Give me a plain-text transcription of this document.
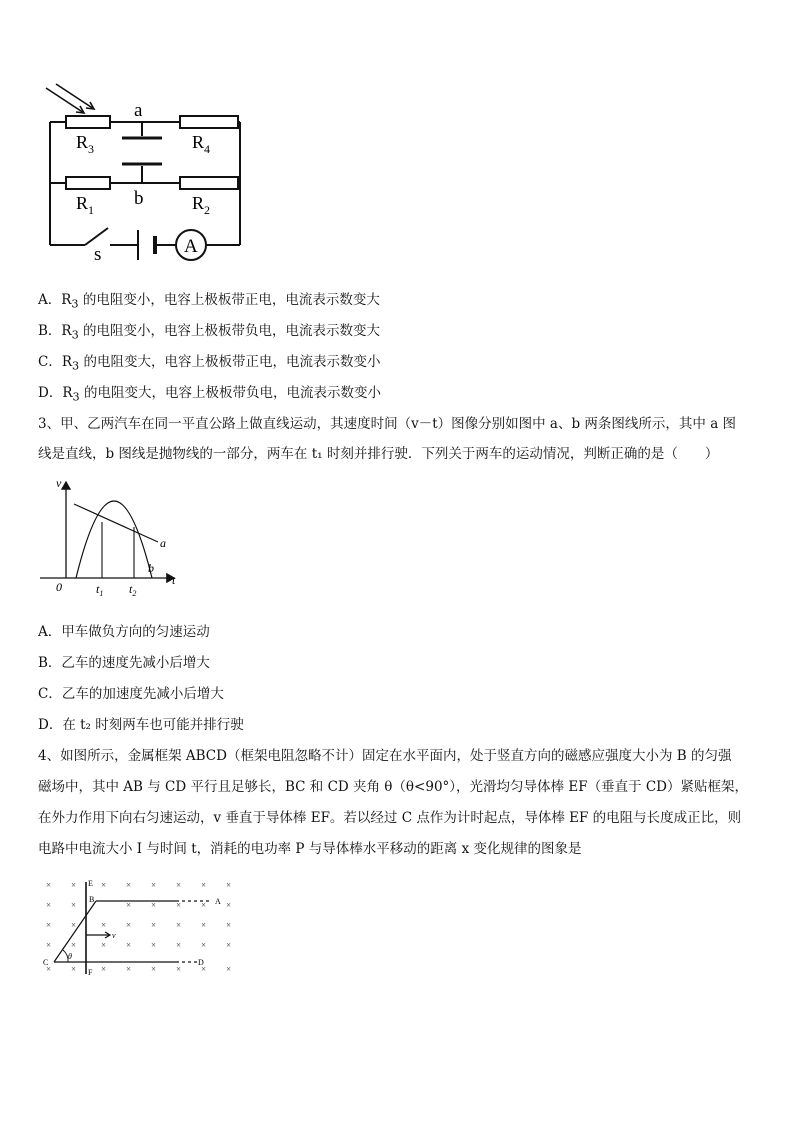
a
b
$R_3$	$R_4$
$R_1$	$R_2$
s	A
A．$R_3$ 的电阻变小，电容上极板带正电，电流表示数变大
B．$R_3$ 的电阻变小，电容上极板带负电，电流表示数变大
C．$R_3$ 的电阻变大，电容上极板带正电，电流表示数变小
D．$R_3$ 的电阻变大，电容上极板带负电，电流表示数变小
3、甲、乙两汽车在同一平直公路上做直线运动，其速度时间（v－t）图像分别如图中 a、b 两条图线所示，其中 a 图
线是直线，b 图线是抛物线的一部分，两车在 t₁ 时刻并排行驶．下列关于两车的运动情况，判断正确的是（　　）
v
t
0	$t_1$ $t_2$
a
b
A．甲车做负方向的匀速运动
B．乙车的速度先减小后增大
C．乙车的加速度先减小后增大
D．在 t₂ 时刻两车也可能并排行驶
4、如图所示，金属框架 ABCD（框架电阻忽略不计）固定在水平面内，处于竖直方向的磁感应强度大小为 B 的匀强
磁场中，其中 AB 与 CD 平行且足够长，BC 和 CD 夹角 θ（θ<90°），光滑均匀导体棒 EF（垂直于 CD）紧贴框架，
在外力作用下向右匀速运动，v 垂直于导体棒 EF。若以经过 C 点作为计时起点，导体棒 EF 的电阻与长度成正比，则
电路中电流大小 I 与时间 t，消耗的电功率 P 与导体棒水平移动的距离 x 变化规律的图象是
× ×	× × × × × ×
× ×	× × × × ×
× ×	× × × × × ×
× ×	× × × × × ×
× ×	× × × × × ×
E
F
A
B
C	D
v
θ
